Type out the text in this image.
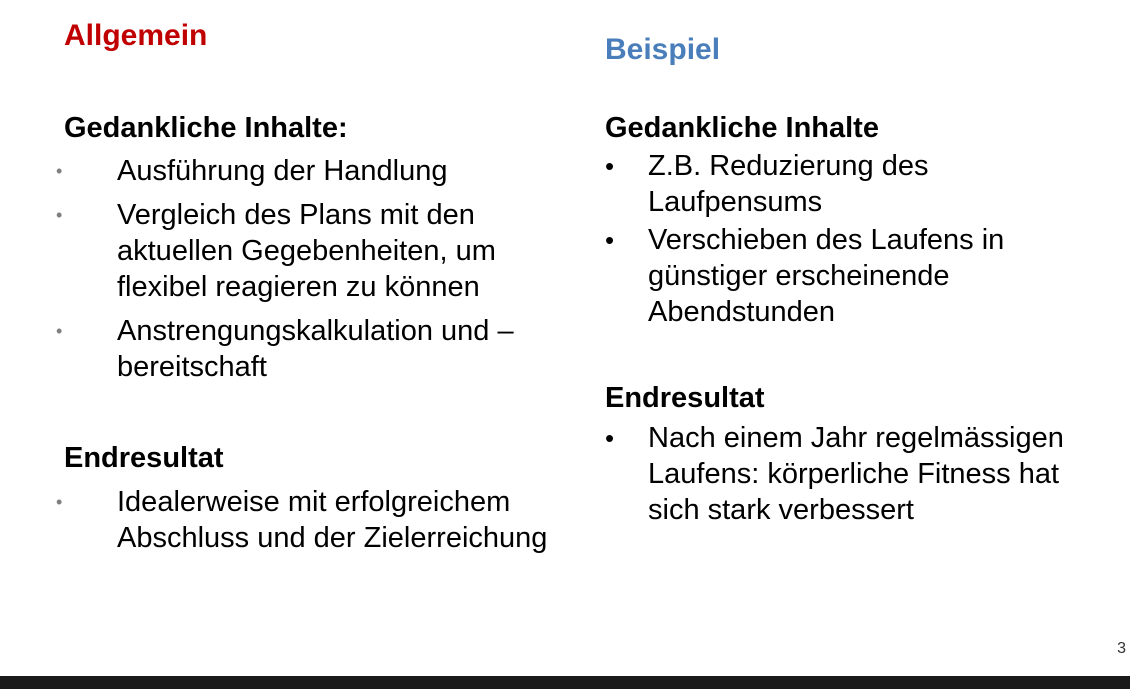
Allgemein
Gedankliche Inhalte:
• Ausführung der Handlung
• Vergleich des Plans mit den aktuellen Gegebenheiten, um flexibel reagieren zu können
• Anstrengungskalkulation und –bereitschaft
Endresultat
• Idealerweise mit erfolgreichem Abschluss und der Zielerreichung
Beispiel
Gedankliche Inhalte
• Z.B. Reduzierung des Laufpensums
• Verschieben des Laufens in günstiger erscheinende Abendstunden
Endresultat
• Nach einem Jahr regelmässigen Laufens: körperliche Fitness hat sich stark verbessert
3
